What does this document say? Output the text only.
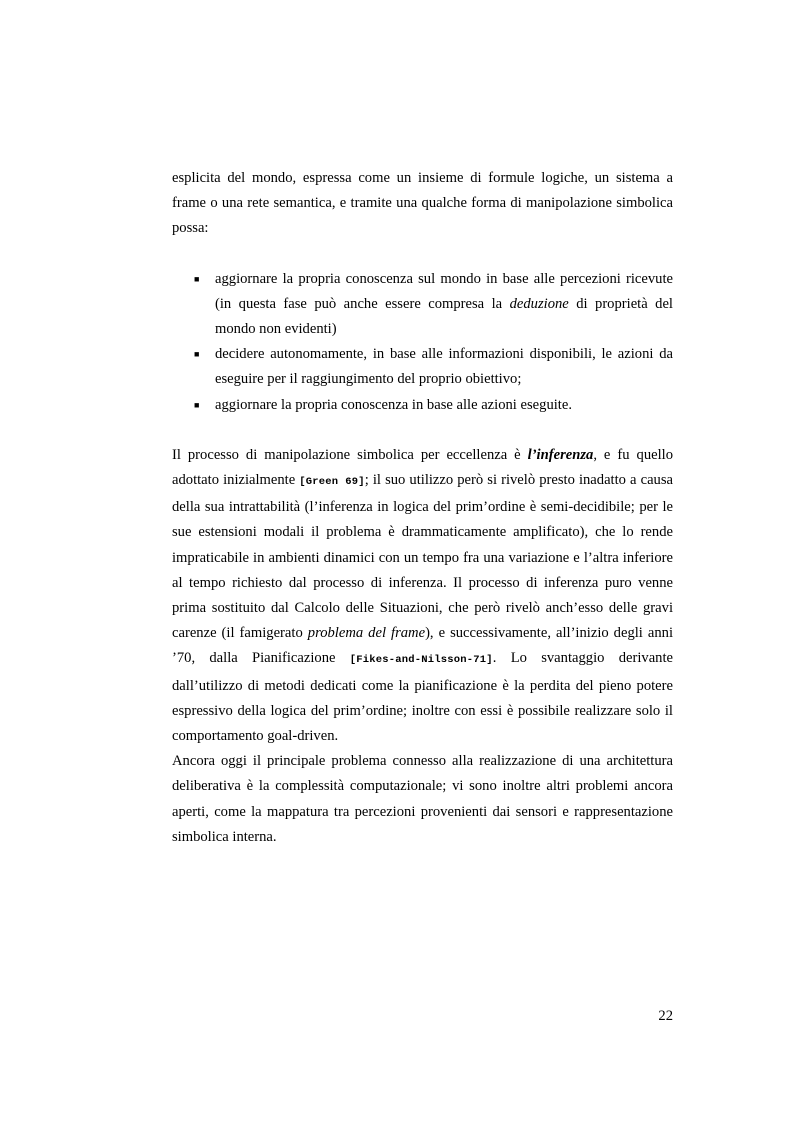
esplicita del mondo, espressa come un insieme di formule logiche, un sistema a frame o una rete semantica, e tramite una qualche forma di manipolazione simbolica possa:

■ aggiornare la propria conoscenza sul mondo in base alle percezioni ricevute (in questa fase può anche essere compresa la deduzione di proprietà del mondo non evidenti)
■ decidere autonomamente, in base alle informazioni disponibili, le azioni da eseguire per il raggiungimento del proprio obiettivo;
■ aggiornare la propria conoscenza in base alle azioni eseguite.

Il processo di manipolazione simbolica per eccellenza è l’inferenza, e fu quello adottato inizialmente [Green 69]; il suo utilizzo però si rivelò presto inadatto a causa della sua intrattabilità (l’inferenza in logica del prim’ordine è semi-decidibile; per le sue estensioni modali il problema è drammaticamente amplificato), che lo rende impraticabile in ambienti dinamici con un tempo fra una variazione e l’altra inferiore al tempo richiesto dal processo di inferenza. Il processo di inferenza puro venne prima sostituito dal Calcolo delle Situazioni, che però rivelò anch’esso delle gravi carenze (il famigerato problema del frame), e successivamente, all’inizio degli anni ’70, dalla Pianificazione [Fikes-and-Nilsson-71]. Lo svantaggio derivante dall’utilizzo di metodi dedicati come la pianificazione è la perdita del pieno potere espressivo della logica del prim’ordine; inoltre con essi è possibile realizzare solo il comportamento goal-driven.

Ancora oggi il principale problema connesso alla realizzazione di una architettura deliberativa è la complessità computazionale; vi sono inoltre altri problemi ancora aperti, come la mappatura tra percezioni provenienti dai sensori e rappresentazione simbolica interna.

22
